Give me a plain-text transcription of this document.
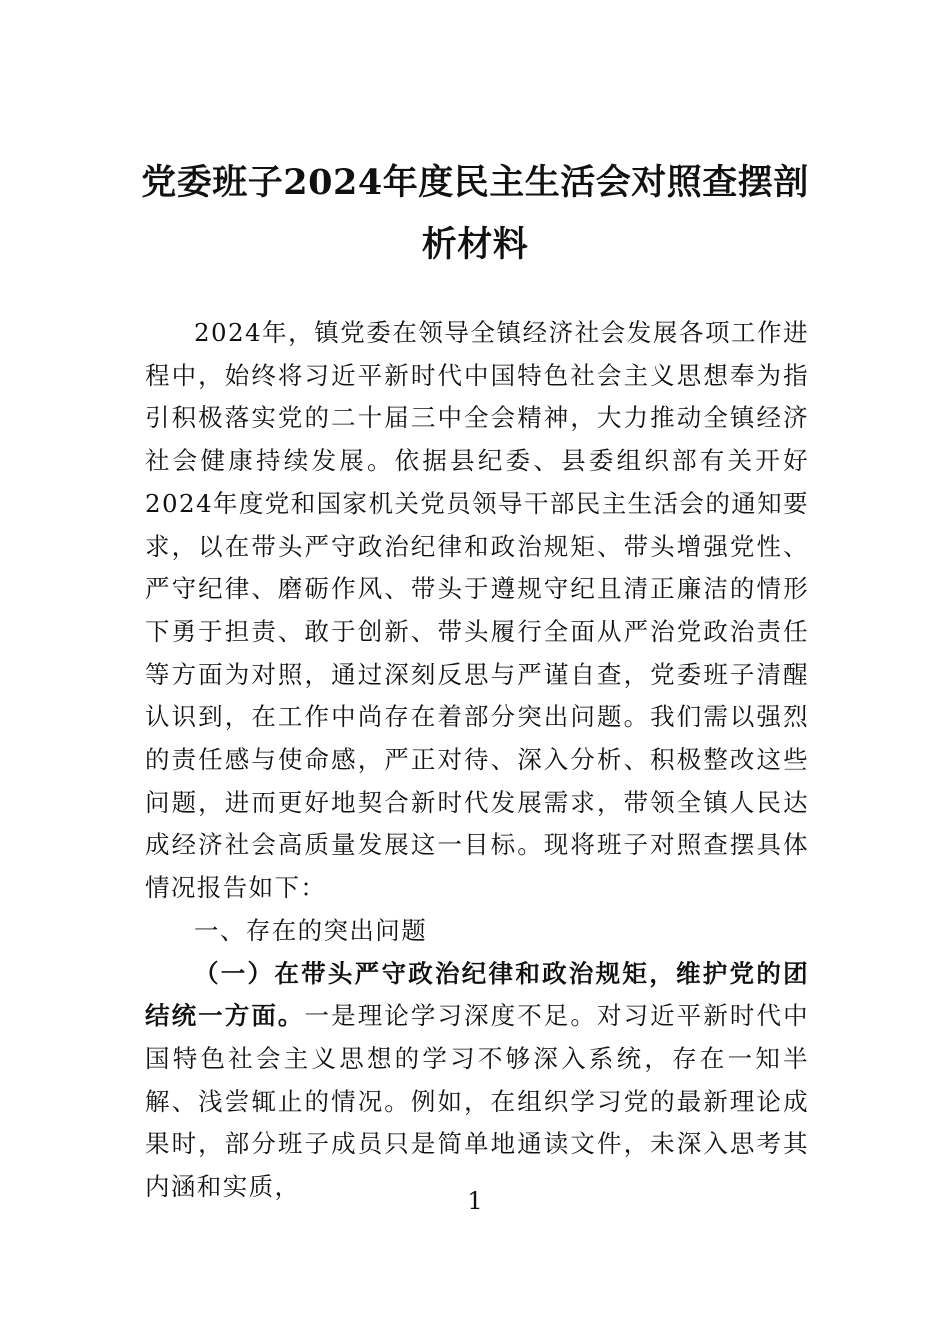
党委班子2024年度民主生活会对照查摆剖
析材料

2024年，镇党委在领导全镇经济社会发展各项工作进程中，始终将习近平新时代中国特色社会主义思想奉为指引积极落实党的二十届三中全会精神，大力推动全镇经济社会健康持续发展。依据县纪委、县委组织部有关开好2024年度党和国家机关党员领导干部民主生活会的通知要求，以在带头严守政治纪律和政治规矩、带头增强党性、严守纪律、磨砺作风、带头于遵规守纪且清正廉洁的情形下勇于担责、敢于创新、带头履行全面从严治党政治责任等方面为对照，通过深刻反思与严谨自查，党委班子清醒认识到，在工作中尚存在着部分突出问题。我们需以强烈的责任感与使命感，严正对待、深入分析、积极整改这些问题，进而更好地契合新时代发展需求，带领全镇人民达成经济社会高质量发展这一目标。现将班子对照查摆具体情况报告如下：

一、存在的突出问题

（一）在带头严守政治纪律和政治规矩，维护党的团结统一方面。一是理论学习深度不足。对习近平新时代中国特色社会主义思想的学习不够深入系统，存在一知半解、浅尝辄止的情况。例如，在组织学习党的最新理论成果时，部分班子成员只是简单地通读文件，未深入思考其内涵和实质，	1
